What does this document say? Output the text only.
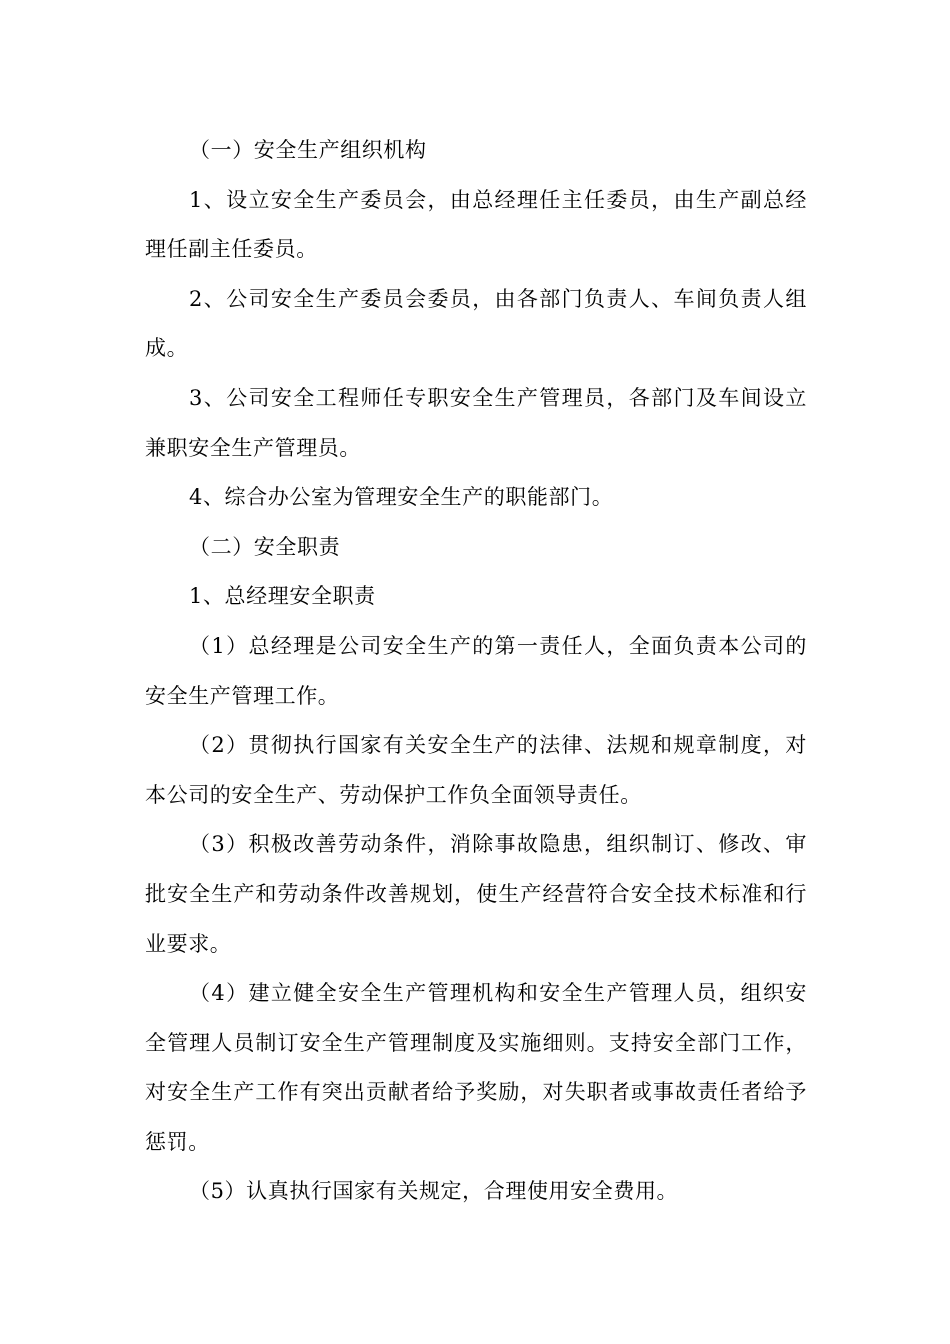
（一）安全生产组织机构

1、设立安全生产委员会，由总经理任主任委员，由生产副总经理任副主任委员。

2、公司安全生产委员会委员，由各部门负责人、车间负责人组成。

3、公司安全工程师任专职安全生产管理员，各部门及车间设立兼职安全生产管理员。

4、综合办公室为管理安全生产的职能部门。

（二）安全职责

1、总经理安全职责

（1）总经理是公司安全生产的第一责任人，全面负责本公司的安全生产管理工作。

（2）贯彻执行国家有关安全生产的法律、法规和规章制度，对本公司的安全生产、劳动保护工作负全面领导责任。

（3）积极改善劳动条件，消除事故隐患，组织制订、修改、审批安全生产和劳动条件改善规划，使生产经营符合安全技术标准和行业要求。

（4）建立健全安全生产管理机构和安全生产管理人员，组织安全管理人员制订安全生产管理制度及实施细则。支持安全部门工作，对安全生产工作有突出贡献者给予奖励，对失职者或事故责任者给予惩罚。

（5）认真执行国家有关规定，合理使用安全费用。
